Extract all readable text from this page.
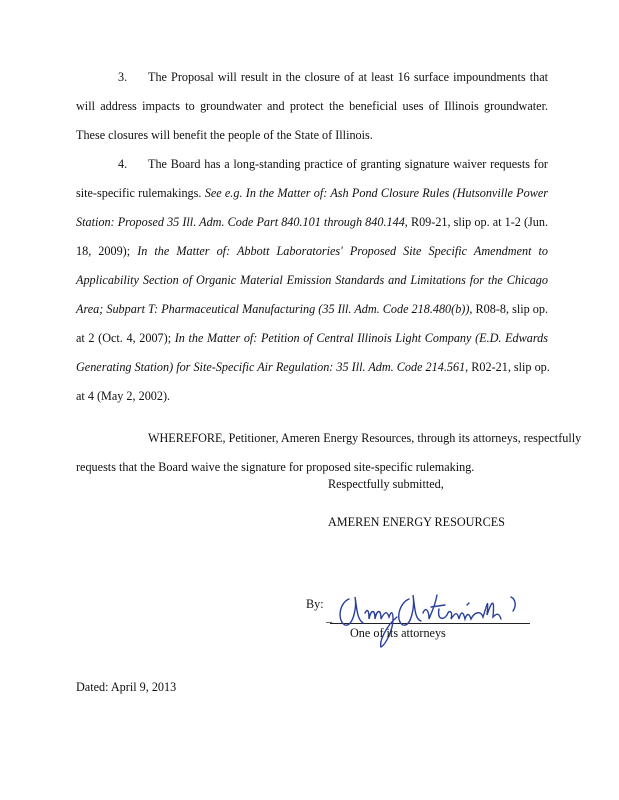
3. The Proposal will result in the closure of at least 16 surface impoundments that
will address impacts to groundwater and protect the beneficial uses of Illinois groundwater.
These closures will benefit the people of the State of Illinois.
4. The Board has a long-standing practice of granting signature waiver requests for
site-specific rulemakings. See e.g. In the Matter of: Ash Pond Closure Rules (Hutsonville Power
Station: Proposed 35 Ill. Adm. Code Part 840.101 through 840.144, R09-21, slip op. at 1-2 (Jun.
18, 2009); In the Matter of: Abbott Laboratories' Proposed Site Specific Amendment to
Applicability Section of Organic Material Emission Standards and Limitations for the Chicago
Area; Subpart T: Pharmaceutical Manufacturing (35 Ill. Adm. Code 218.480(b)), R08-8, slip op.
at 2 (Oct. 4, 2007); In the Matter of: Petition of Central Illinois Light Company (E.D. Edwards
Generating Station) for Site-Specific Air Regulation: 35 Ill. Adm. Code 214.561, R02-21, slip op.
at 4 (May 2, 2002).
WHEREFORE, Petitioner, Ameren Energy Resources, through its attorneys, respectfully
requests that the Board waive the signature for proposed site-specific rulemaking.
Respectfully submitted,
AMEREN ENERGY RESOURCES
By:
_
One of its attorneys
Dated: April 9, 2013
